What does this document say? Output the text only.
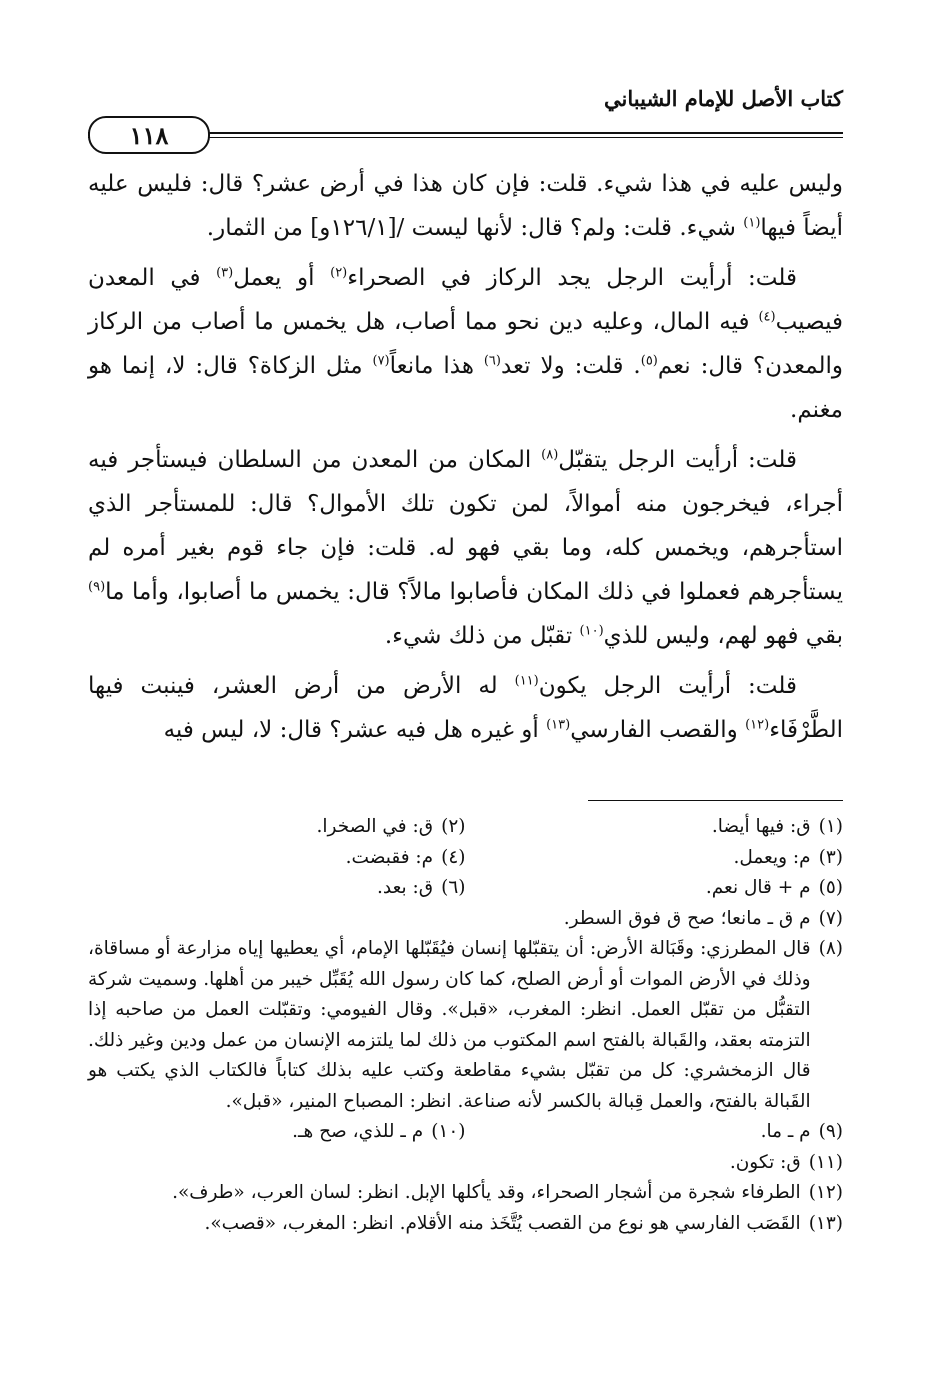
كتاب الأصل للإمام الشيباني
١١٨

وليس عليه في هذا شيء. قلت: فإن كان هذا في أرض عشر؟ قال: فليس عليه أيضاً فيها$^{(١)}$ شيء. قلت: ولم؟ قال: لأنها ليست /[١٢٦/١و] من الثمار.

قلت: أرأيت الرجل يجد الركاز في الصحراء$^{(٢)}$ أو يعمل$^{(٣)}$ في المعدن فيصيب$^{(٤)}$ فيه المال، وعليه دين نحو مما أصاب، هل يخمس ما أصاب من الركاز والمعدن؟ قال: نعم$^{(٥)}$. قلت: ولا تعد$^{(٦)}$ هذا مانعاً$^{(٧)}$ مثل الزكاة؟ قال: لا، إنما هو مغنم.

قلت: أرأيت الرجل يتقبّل$^{(٨)}$ المكان من المعدن من السلطان فيستأجر فيه أجراء، فيخرجون منه أموالاً، لمن تكون تلك الأموال؟ قال: للمستأجر الذي استأجرهم، ويخمس كله، وما بقي فهو له. قلت: فإن جاء قوم بغير أمره لم يستأجرهم فعملوا في ذلك المكان فأصابوا مالاً؟ قال: يخمس ما أصابوا، وأما ما$^{(٩)}$ بقي فهو لهم، وليس للذي$^{(١٠)}$ تقبّل من ذلك شيء.

قلت: أرأيت الرجل يكون$^{(١١)}$ له الأرض من أرض العشر، فينبت فيها الطَّرْفَاء$^{(١٢)}$ والقصب الفارسي$^{(١٣)}$ أو غيره هل فيه عشر؟ قال: لا، ليس فيه

(١)
ق: فيها أيضا.
(٢)
ق: في الصخرا.
(٣)
م: ويعمل.
(٤)
م: فقبضت.
(٥)
م + قال نعم.
(٦)
ق: بعد.
(٧)
م ق ـ مانعا؛ صح ق فوق السطر.
(٨)
قال المطرزي: وقَبَالة الأرض: أن يتقبّلها إنسان فيُقَبّلها الإمام، أي يعطيها إياه مزارعة أو مساقاة، وذلك في الأرض الموات أو أرض الصلح، كما كان رسول الله يُقَبِّل خيبر من أهلها. وسميت شركة التقبُّل من تقبّل العمل. انظر: المغرب، «قبل». وقال الفيومي: وتقبّلت العمل من صاحبه إذا التزمته بعقد، والقَبالة بالفتح اسم المكتوب من ذلك لما يلتزمه الإنسان من عمل ودين وغير ذلك. قال الزمخشري: كل من تقبّل بشيء مقاطعة وكتب عليه بذلك كتاباً فالكتاب الذي يكتب هو القَبالة بالفتح، والعمل قِبالة بالكسر لأنه صناعة. انظر: المصباح المنير، «قبل».
(٩)
م ـ ما.
(١٠)
م ـ للذي، صح هـ.
(١١)
ق: تكون.
(١٢)
الطرفاء شجرة من أشجار الصحراء، وقد يأكلها الإبل. انظر: لسان العرب، «طرف».
(١٣)
القَصَب الفارسي هو نوع من القصب يُتَّخَذ منه الأقلام. انظر: المغرب، «قصب».
